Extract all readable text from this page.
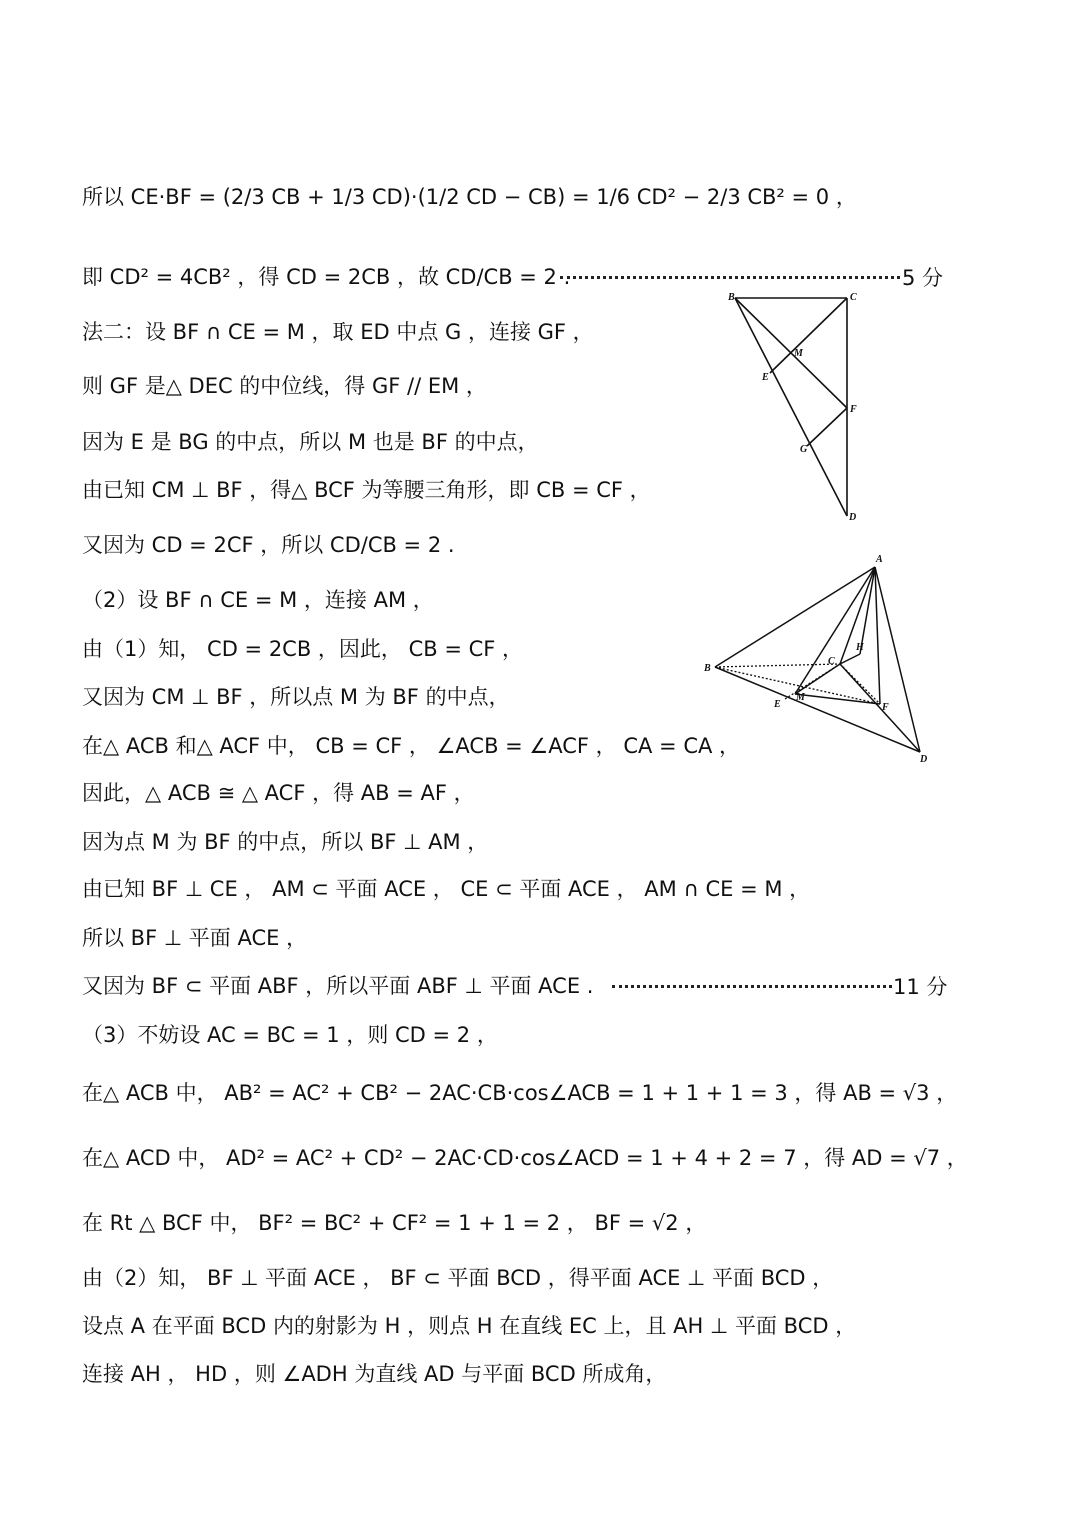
所以 CE·BF = (2/3 CB + 1/3 CD)·(1/2 CD − CB) = 1/6 CD² − 2/3 CB² = 0 ，
即 CD² = 4CB² ，得 CD = 2CB ，故 CD/CB = 2 .
法二：设 BF ∩ CE = M ，取 ED 中点 G ，连接 GF ，
则 GF 是△ DEC 的中位线，得 GF // EM ，
因为 E 是 BG 的中点，所以 M 也是 BF 的中点，
由已知 CM ⊥ BF ，得△ BCF 为等腰三角形，即 CB = CF ，
又因为 CD = 2CF ，所以 CD/CB = 2 .
（2）设 BF ∩ CE = M ，连接 AM ，
由（1）知， CD = 2CB ，因此， CB = CF ，
又因为 CM ⊥ BF ，所以点 M 为 BF 的中点，
在△ ACB 和△ ACF 中， CB = CF ， ∠ACB = ∠ACF ， CA = CA ，
因此，△ ACB ≅ △ ACF ，得 AB = AF ，
因为点 M 为 BF 的中点，所以 BF ⊥ AM ，
由已知 BF ⊥ CE ， AM ⊂ 平面 ACE ， CE ⊂ 平面 ACE ， AM ∩ CE = M ，
所以 BF ⊥ 平面 ACE ，
又因为 BF ⊂ 平面 ABF ，所以平面 ABF ⊥ 平面 ACE .
（3）不妨设 AC = BC = 1 ，则 CD = 2 ，
在△ ACB 中， AB² = AC² + CB² − 2AC·CB·cos∠ACB = 1 + 1 + 1 = 3 ，得 AB = √3 ，
在△ ACD 中， AD² = AC² + CD² − 2AC·CD·cos∠ACD = 1 + 4 + 2 = 7 ，得 AD = √7 ，
在 Rt △ BCF 中， BF² = BC² + CF² = 1 + 1 = 2 ， BF = √2 ，
由（2）知， BF ⊥ 平面 ACE ， BF ⊂ 平面 BCD ，得平面 ACE ⊥ 平面 BCD ，
设点 A 在平面 BCD 内的射影为 H ，则点 H 在直线 EC 上，且 AH ⊥ 平面 BCD ，
连接 AH ， HD ，则 ∠ADH 为直线 AD 与平面 BCD 所成角，
5 分
11 分
B	C
M
E
F
G
D
A
B
C
H
E
M
F
D
